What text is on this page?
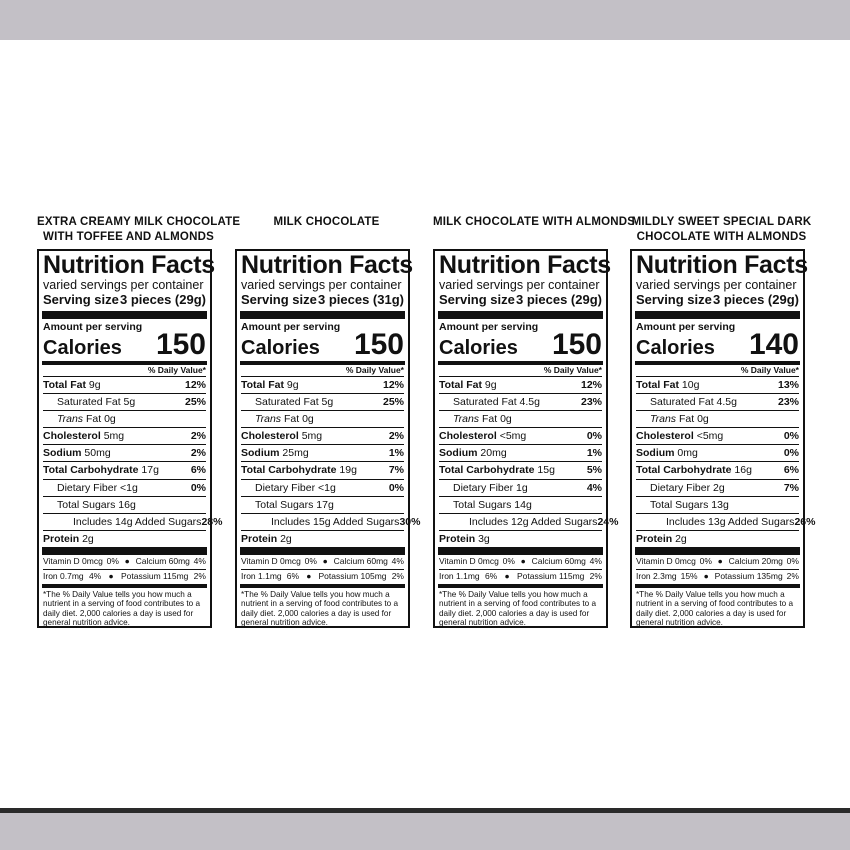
EXTRA CREAMY MILK CHOCOLATE
WITH TOFFEE AND ALMONDS
Nutrition Facts
varied servings per container
Serving size 3 pieces (29g)
Amount per serving
Calories 150
% Daily Value*
Total Fat 9g	12%
Saturated Fat 5g	25%
Trans Fat 0g
Cholesterol 5mg	2%
Sodium 50mg	2%
Total Carbohydrate 17g	6%
Dietary Fiber <1g	0%
Total Sugars 16g
Includes 14g Added Sugars 28%
Protein 2g
Vitamin D 0mcg 0% ● Calcium 60mg 4%
Iron 0.7mg 4% ● Potassium 115mg 2%
*The % Daily Value tells you how much a nutrient in a serving of food contributes to a daily diet. 2,000 calories a day is used for general nutrition advice.
MILK CHOCOLATE
Nutrition Facts
varied servings per container
Serving size 3 pieces (31g)
Amount per serving
Calories 150
% Daily Value*
Total Fat 9g	12%
Saturated Fat 5g	25%
Trans Fat 0g
Cholesterol 5mg	2%
Sodium 25mg	1%
Total Carbohydrate 19g	7%
Dietary Fiber <1g	0%
Total Sugars 17g
Includes 15g Added Sugars 30%
Protein 2g
Vitamin D 0mcg 0% ● Calcium 60mg 4%
Iron 1.1mg 6% ● Potassium 105mg 2%
*The % Daily Value tells you how much a nutrient in a serving of food contributes to a daily diet. 2,000 calories a day is used for general nutrition advice.
MILK CHOCOLATE WITH ALMONDS
Nutrition Facts
varied servings per container
Serving size 3 pieces (29g)
Amount per serving
Calories 150
% Daily Value*
Total Fat 9g	12%
Saturated Fat 4.5g	23%
Trans Fat 0g
Cholesterol <5mg	0%
Sodium 20mg	1%
Total Carbohydrate 15g	5%
Dietary Fiber 1g	4%
Total Sugars 14g
Includes 12g Added Sugars 24%
Protein 3g
Vitamin D 0mcg 0% ● Calcium 60mg 4%
Iron 1.1mg 6% ● Potassium 115mg 2%
*The % Daily Value tells you how much a nutrient in a serving of food contributes to a daily diet. 2,000 calories a day is used for general nutrition advice.
MILDLY SWEET SPECIAL DARK
CHOCOLATE WITH ALMONDS
Nutrition Facts
varied servings per container
Serving size 3 pieces (29g)
Amount per serving
Calories 140
% Daily Value*
Total Fat 10g	13%
Saturated Fat 4.5g	23%
Trans Fat 0g
Cholesterol <5mg	0%
Sodium 0mg	0%
Total Carbohydrate 16g	6%
Dietary Fiber 2g	7%
Total Sugars 13g
Includes 13g Added Sugars 26%
Protein 2g
Vitamin D 0mcg 0% ● Calcium 20mg 0%
Iron 2.3mg 15% ● Potassium 135mg 2%
*The % Daily Value tells you how much a nutrient in a serving of food contributes to a daily diet. 2,000 calories a day is used for general nutrition advice.
